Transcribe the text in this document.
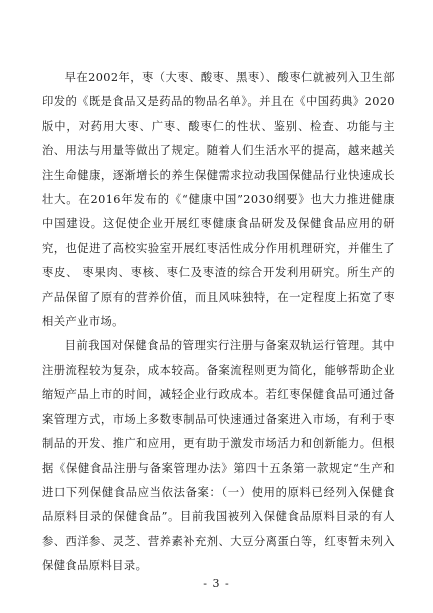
早在2002年，枣（大枣、酸枣、黑枣）、酸枣仁就被列入卫生部印发的《既是食品又是药品的物品名单》。并且在《中国药典》2020版中，对药用大枣、广枣、酸枣仁的性状、鉴别、检查、功能与主治、用法与用量等做出了规定。随着人们生活水平的提高，越来越关注生命健康，逐渐增长的养生保健需求拉动我国保健品行业快速成长壮大。在2016年发布的《“健康中国”2030纲要》也大力推进健康中国建设。这促使企业开展红枣健康食品研发及保健食品应用的研究，也促进了高校实验室开展红枣活性成分作用机理研究，并催生了枣皮、 枣果肉、枣核、枣仁及枣渣的综合开发利用研究。所生产的产品保留了原有的营养价值，而且风味独特，在一定程度上拓宽了枣相关产业市场。

目前我国对保健食品的管理实行注册与备案双轨运行管理。其中注册流程较为复杂，成本较高。备案流程则更为简化，能够帮助企业缩短产品上市的时间，减轻企业行政成本。若红枣保健食品可通过备案管理方式，市场上多数枣制品可快速通过备案进入市场，有利于枣制品的开发、推广和应用，更有助于激发市场活力和创新能力。但根据《保健食品注册与备案管理办法》第四十五条第一款规定“生产和进口下列保健食品应当依法备案：（一）使用的原料已经列入保健食品原料目录的保健食品”。目前我国被列入保健食品原料目录的有人参、西洋参、灵芝、营养素补充剂、大豆分离蛋白等，红枣暂未列入保健食品原料目录。

- 3 -
